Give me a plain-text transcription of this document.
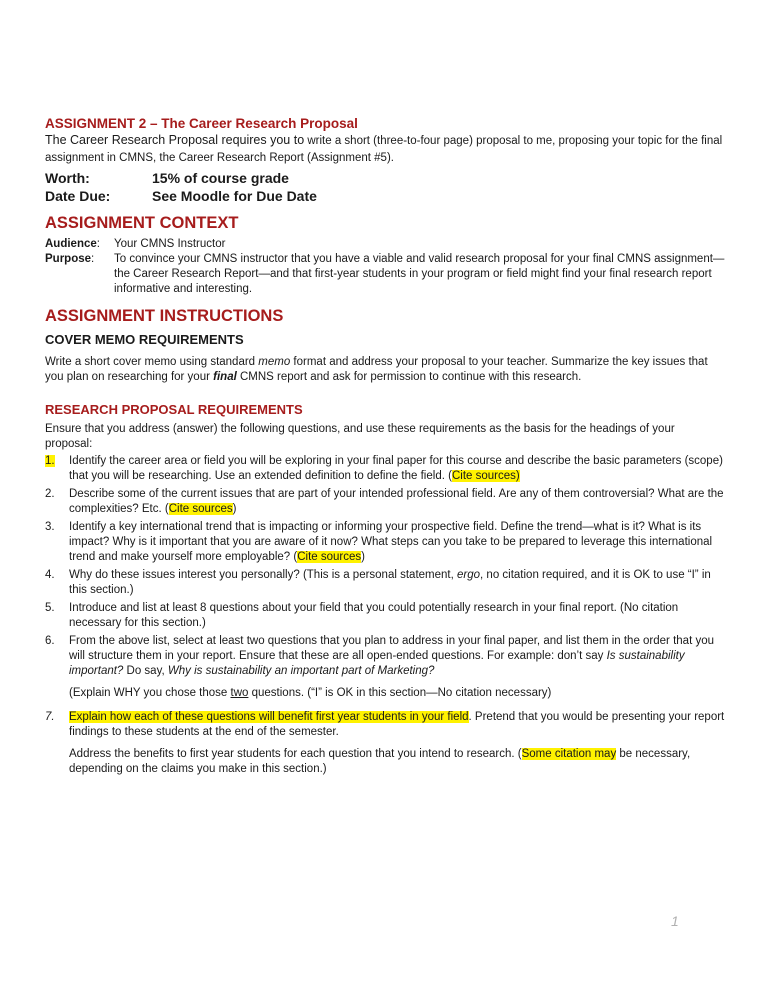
ASSIGNMENT 2 – The Career Research Proposal

The Career Research Proposal requires you to write a short (three-to-four page) proposal to me, proposing your topic for the final assignment in CMNS, the Career Research Report (Assignment #5).

Worth:	15% of course grade
Date Due:	See Moodle for Due Date
ASSIGNMENT CONTEXT
Audience:	Your CMNS Instructor
Purpose:	To convince your CMNS instructor that you have a viable and valid research proposal for your final CMNS assignment—the Career Research Report—and that first-year students in your program or field might find your final research report informative and interesting.
ASSIGNMENT INSTRUCTIONS
COVER MEMO REQUIREMENTS

Write a short cover memo using standard memo format and address your proposal to your teacher. Summarize the key issues that you plan on researching for your final CMNS report and ask for permission to continue with this research.

RESEARCH PROPOSAL REQUIREMENTS

Ensure that you address (answer) the following questions, and use these requirements as the basis for the headings of your proposal:

1.	Identify the career area or field you will be exploring in your final paper for this course and describe the basic parameters (scope) that you will be researching. Use an extended definition to define the field. (Cite sources)
2.	Describe some of the current issues that are part of your intended professional field. Are any of them controversial? What are the complexities? Etc. (Cite sources)
3.	Identify a key international trend that is impacting or informing your prospective field. Define the trend—what is it? What is its impact? Why is it important that you are aware of it now? What steps can you take to be prepared to leverage this international trend and make yourself more employable? (Cite sources)
4.	Why do these issues interest you personally? (This is a personal statement, ergo, no citation required, and it is OK to use “I” in this section.)
5.	Introduce and list at least 8 questions about your field that you could potentially research in your final report. (No citation necessary for this section.)
6.	From the above list, select at least two questions that you plan to address in your final paper, and list them in the order that you will structure them in your report. Ensure that these are all open-ended questions. For example: don’t say Is sustainability important? Do say, Why is sustainability an important part of Marketing?
(Explain WHY you chose those two questions. (“I” is OK in this section—No citation necessary)
7.	Explain how each of these questions will benefit first year students in your field. Pretend that you would be presenting your report findings to these students at the end of the semester.
Address the benefits to first year students for each question that you intend to research. (Some citation may be necessary, depending on the claims you make in this section.)
1
